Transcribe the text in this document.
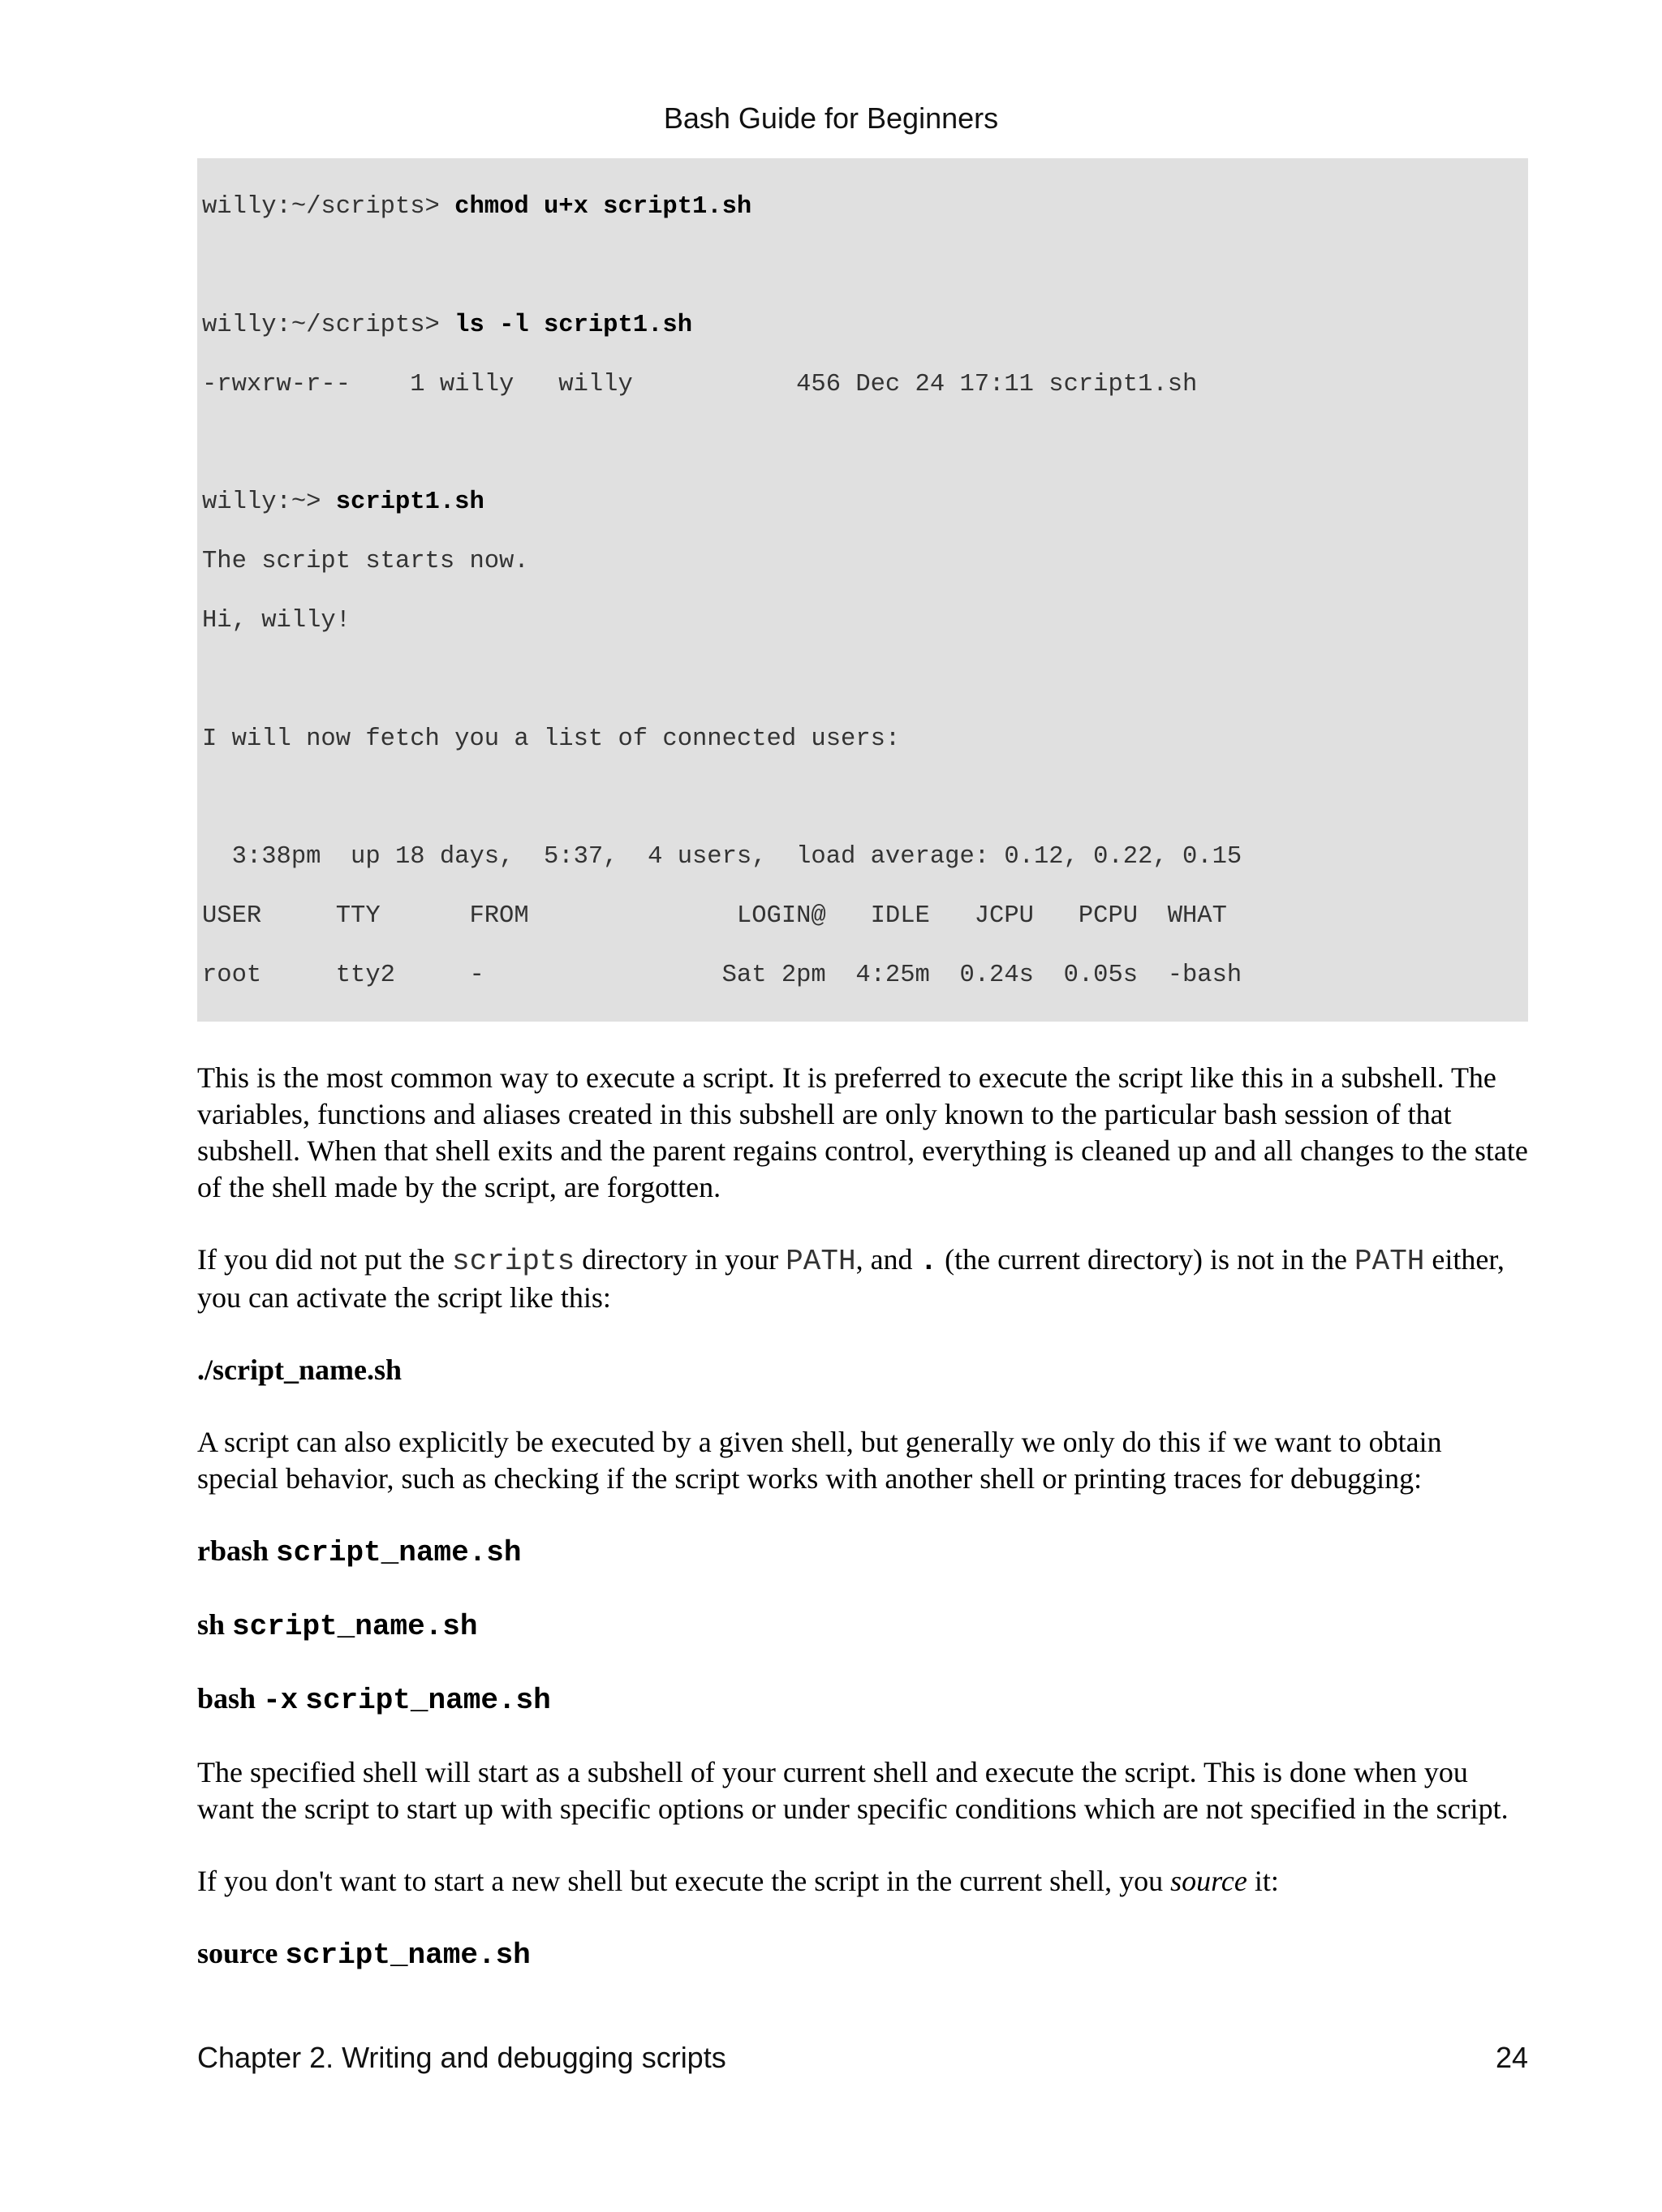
Bash Guide for Beginners

willy:~/scripts> chmod u+x script1.sh

willy:~/scripts> ls -l script1.sh

-rwxrw-r--    1 willy   willy           456 Dec 24 17:11 script1.sh

willy:~> script1.sh

The script starts now.

Hi, willy!

I will now fetch you a list of connected users:

3:38pm  up 18 days,  5:37,  4 users,  load average: 0.12, 0.22, 0.15

USER     TTY      FROM              LOGIN@   IDLE   JCPU   PCPU  WHAT

root     tty2     -                Sat 2pm  4:25m  0.24s  0.05s  -bash

This is the most common way to execute a script. It is preferred to execute the script like this in a subshell. The variables, functions and aliases created in this subshell are only known to the particular bash session of that subshell. When that shell exits and the parent regains control, everything is cleaned up and all changes to the state of the shell made by the script, are forgotten.

If you did not put the scripts directory in your PATH, and . (the current directory) is not in the PATH either, you can activate the script like this:

./script_name.sh

A script can also explicitly be executed by a given shell, but generally we only do this if we want to obtain special behavior, such as checking if the script works with another shell or printing traces for debugging:

rbash script_name.sh
sh script_name.sh
bash -x script_name.sh

The specified shell will start as a subshell of your current shell and execute the script. This is done when you want the script to start up with specific options or under specific conditions which are not specified in the script.

If you don't want to start a new shell but execute the script in the current shell, you source it:

source script_name.sh
Chapter 2. Writing and debugging scripts	24
